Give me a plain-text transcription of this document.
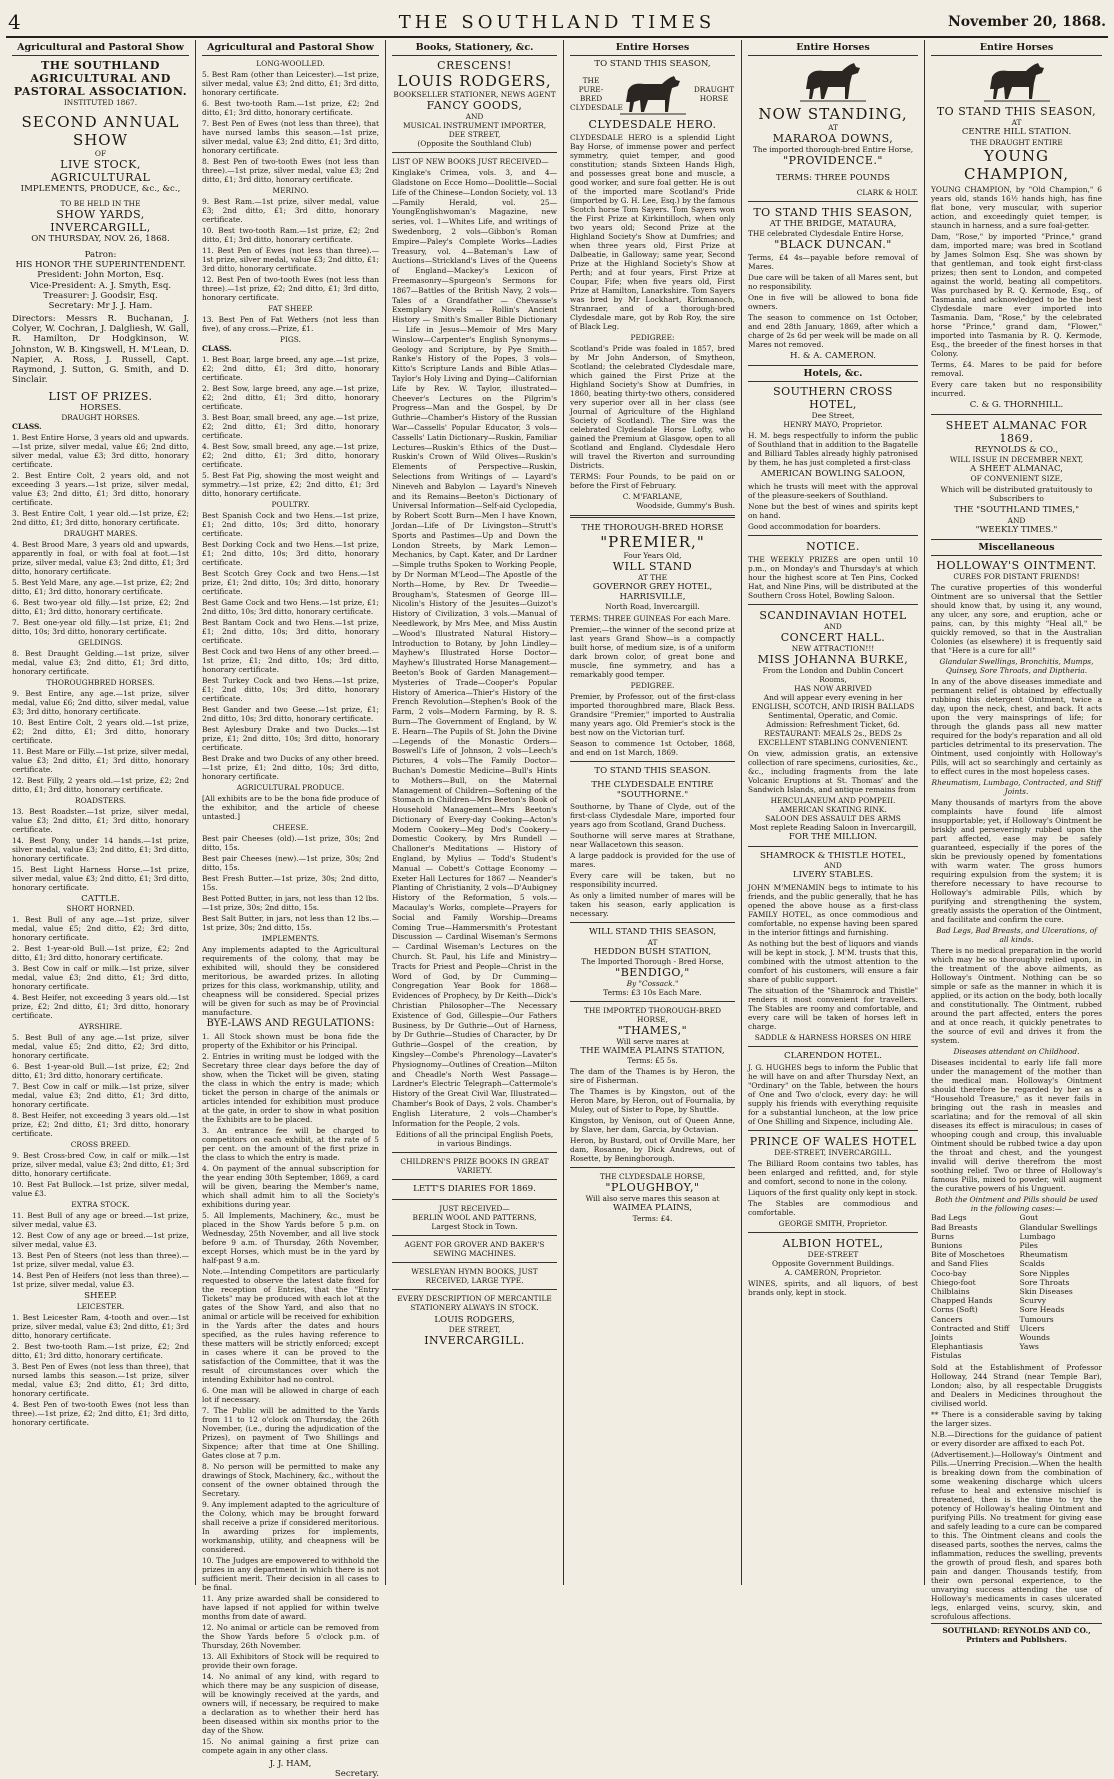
4	THE SOUTHLAND TIMES	November 20, 1868.
Agricultural and Pastoral Show
THE SOUTHLAND AGRICULTURAL AND PASTORAL ASSOCIATION.
INSTITUTED 1867.
SECOND ANNUAL SHOW
OF
LIVE STOCK, AGRICULTURAL
IMPLEMENTS, PRODUCE, &c., &c.,
TO BE HELD IN THE
SHOW YARDS, INVERCARGILL,
ON THURSDAY, NOV. 26, 1868.
Patron:
HIS HONOR THE SUPERINTENDENT.
President: John Morton, Esq.
Vice-President: A. J. Smyth, Esq.
Treasurer: J. Goodsir, Esq.
Secretary: Mr J. J. Ham.

Directors: Messrs R. Buchanan, J. Colyer, W. Cochran, J. Dalgliesh, W. Gall, R. Hamilton, Dr Hodgkinson, W. Johnston, W. B. Kingswell, H. M'Lean, D. Napier, A. Ross, J. Russell, Capt. Raymond, J. Sutton, G. Smith, and D. Sinclair.

LIST OF PRIZES.
HORSES.
DRAUGHT HORSES.
CLASS.

1. Best Entire Horse, 3 years old and upwards.—1st prize, silver medal, value £6; 2nd ditto, silver medal, value £3; 3rd ditto, honorary certificate.

2. Best Entire Colt, 2 years old, and not exceeding 3 years.—1st prize, silver medal, value £3; 2nd ditto, £1; 3rd ditto, honorary certificate.

3. Best Entire Colt, 1 year old.—1st prize, £2; 2nd ditto, £1; 3rd ditto, honorary certificate.

DRAUGHT MARES.

4. Best Brood Mare, 3 years old and upwards, apparently in foal, or with foal at foot.—1st prize, silver medal, value £3; 2nd ditto, £1; 3rd ditto, honorary certificate.

5. Best Yeld Mare, any age.—1st prize, £2; 2nd ditto, £1; 3rd ditto, honorary certificate.

6. Best two-year old filly.—1st prize, £2; 2nd ditto, £1; 3rd ditto, honorary certificate.

7. Best one-year old filly.—1st prize, £1; 2nd ditto, 10s; 3rd ditto, honorary certificate.

GELDINGS.

8. Best Draught Gelding.—1st prize, silver medal, value £3; 2nd ditto, £1; 3rd ditto, honorary certificate.

THOROUGHBRED HORSES.

9. Best Entire, any age.—1st prize, silver medal, value £6; 2nd ditto, silver medal, value £3; 3rd ditto, honorary certificate.

10. Best Entire Colt, 2 years old.—1st prize, £2; 2nd ditto, £1; 3rd ditto, honorary certificate.

11. Best Mare or Filly.—1st prize, silver medal, value £3; 2nd ditto, £1; 3rd ditto, honorary certificate.

12. Best Filly, 2 years old.—1st prize, £2; 2nd ditto, £1; 3rd ditto, honorary certificate.

ROADSTERS.

13. Best Roadster.—1st prize, silver medal, value £3; 2nd ditto, £1; 3rd ditto, honorary certificate.

14. Best Pony, under 14 hands.—1st prize, silver medal, value £3; 2nd ditto, £1; 3rd ditto, honorary certificate.

15. Best Light Harness Horse.—1st prize, silver medal, value £3; 2nd ditto, £1; 3rd ditto, honorary certificate.

CATTLE.
SHORT HORNED.

1. Best Bull of any age.—1st prize, silver medal, value £5; 2nd ditto, £2; 3rd ditto, honorary certificate.

2. Best 1-year-old Bull.—1st prize, £2; 2nd ditto, £1; 3rd ditto, honorary certificate.

3. Best Cow in calf or milk.—1st prize, silver medal, value £3; 2nd ditto, £1; 3rd ditto, honorary certificate.

4. Best Heifer, not exceeding 3 years old.—1st prize, £2; 2nd ditto, £1; 3rd ditto, honorary certificate.

AYRSHIRE.

5. Best Bull of any age.—1st prize, silver medal, value £5; 2nd ditto, £2; 3rd ditto, honorary certificate.

6. Best 1-year-old Bull.—1st prize, £2; 2nd ditto, £1; 3rd ditto, honorary certificate.

7. Best Cow in calf or milk.—1st prize, silver medal, value £3; 2nd ditto, £1; 3rd ditto, honorary certificate.

8. Best Heifer, not exceeding 3 years old.—1st prize, £2; 2nd ditto, £1; 3rd ditto, honorary certificate.

CROSS BREED.

9. Best Cross-bred Cow, in calf or milk.—1st prize, silver medal, value £3; 2nd ditto, £1; 3rd ditto, honorary certificate.

10. Best Fat Bullock.—1st prize, silver medal, value £3.

EXTRA STOCK.

11. Best Bull of any age or breed.—1st prize, silver medal, value £3.

12. Best Cow of any age or breed.—1st prize, silver medal, value £3.

13. Best Pen of Steers (not less than three).—1st prize, silver medal, value £3.

14. Best Pen of Heifers (not less than three).—1st prize, silver medal, value £3.

SHEEP.
LEICESTER.

1. Best Leicester Ram, 4-tooth and over.—1st prize, silver medal, value £3; 2nd ditto, £1; 3rd ditto, honorary certificate.

2. Best two-tooth Ram.—1st prize, £2; 2nd ditto, £1; 3rd ditto, honorary certificate.

3. Best Pen of Ewes (not less than three), that nursed lambs this season.—1st prize, silver medal, value £3; 2nd ditto, £1; 3rd ditto, honorary certificate.

4. Best Pen of two-tooth Ewes (not less than three).—1st prize, £2; 2nd ditto, £1; 3rd ditto, honorary certificate.

Agricultural and Pastoral Show
LONG-WOOLLED.

5. Best Ram (other than Leicester).—1st prize, silver medal, value £3; 2nd ditto, £1; 3rd ditto, honorary certificate.

6. Best two-tooth Ram.—1st prize, £2; 2nd ditto, £1; 3rd ditto, honorary certificate.

7. Best Pen of Ewes (not less than three), that have nursed lambs this season.—1st prize, silver medal, value £3; 2nd ditto, £1; 3rd ditto, honorary certificate.

8. Best Pen of two-tooth Ewes (not less than three).—1st prize, silver medal, value £3; 2nd ditto, £1; 3rd ditto, honorary certificate.

MERINO.

9. Best Ram.—1st prize, silver medal, value £3; 2nd ditto, £1; 3rd ditto, honorary certificate.

10. Best two-tooth Ram.—1st prize, £2; 2nd ditto, £1; 3rd ditto, honorary certificate.

11. Best Pen of Ewes (not less than three).—1st prize, silver medal, value £3; 2nd ditto, £1; 3rd ditto, honorary certificate.

12. Best Pen of two-tooth Ewes (not less than three).—1st prize, £2; 2nd ditto, £1; 3rd ditto, honorary certificate.

FAT SHEEP.

13. Best Pen of Fat Wethers (not less than five), of any cross.—Prize, £1.

PIGS.
CLASS.

1. Best Boar, large breed, any age.—1st prize, £2; 2nd ditto, £1; 3rd ditto, honorary certificate.

2. Best Sow, large breed, any age.—1st prize, £2; 2nd ditto, £1; 3rd ditto, honorary certificate.

3. Best Boar, small breed, any age.—1st prize, £2; 2nd ditto, £1; 3rd ditto, honorary certificate.

4. Best Sow, small breed, any age.—1st prize, £2; 2nd ditto, £1; 3rd ditto, honorary certificate.

5. Best Fat Pig, showing the most weight and symmetry.—1st prize, £2; 2nd ditto, £1; 3rd ditto, honorary certificate.

POULTRY.

Best Spanish Cock and two Hens.—1st prize, £1; 2nd ditto, 10s; 3rd ditto, honorary certificate.

Best Dorking Cock and two Hens.—1st prize, £1; 2nd ditto, 10s; 3rd ditto, honorary certificate.

Best Scotch Grey Cock and two Hens.—1st prize, £1; 2nd ditto, 10s; 3rd ditto, honorary certificate.

Best Game Cock and two Hens.—1st prize, £1; 2nd ditto, 10s; 3rd ditto, honorary certificate.

Best Bantam Cock and two Hens.—1st prize, £1; 2nd ditto, 10s; 3rd ditto, honorary certificate.

Best Cock and two Hens of any other breed.—1st prize, £1; 2nd ditto, 10s; 3rd ditto, honorary certificate.

Best Turkey Cock and two Hens.—1st prize, £1; 2nd ditto, 10s; 3rd ditto, honorary certificate.

Best Gander and two Geese.—1st prize, £1; 2nd ditto, 10s; 3rd ditto, honorary certificate.

Best Aylesbury Drake and two Ducks.—1st prize, £1; 2nd ditto, 10s; 3rd ditto, honorary certificate.

Best Drake and two Ducks of any other breed.—1st prize, £1; 2nd ditto, 10s; 3rd ditto, honorary certificate.

AGRICULTURAL PRODUCE.

[All exhibits are to be the bona fide produce of the exhibitor, and the article of cheese untasted.]

CHEESE.

Best pair Cheeses (old).—1st prize, 30s; 2nd ditto, 15s.

Best pair Cheeses (new).—1st prize, 30s; 2nd ditto, 15s.

Best Fresh Butter.—1st prize, 30s; 2nd ditto, 15s.

Best Potted Butter, in jars, not less than 12 lbs.—1st prize, 30s; 2nd ditto, 15s.

Best Salt Butter, in jars, not less than 12 lbs.—1st prize, 30s; 2nd ditto, 15s.

IMPLEMENTS.

Any implements adapted to the Agricultural requirements of the colony, that may be exhibited will, should they be considered meritorious, be awarded prizes. In alloting prizes for this class, workmanship, utility, and cheapness will be considered. Special prizes will be given for such as may be of Provincial manufacture.

BYE-LAWS AND REGULATIONS:

1. All Stock shown must be bona fide the property of the Exhibitor or his Principal.

2. Entries in writing must be lodged with the Secretary three clear days before the day of show, when the Ticket will be given, stating the class in which the entry is made; which ticket the person in charge of the animals or articles intended for exhibition must produce at the gate, in order to show in what position the Exhibits are to be placed.

3. An entrance fee will be charged to competitors on each exhibit, at the rate of 5 per cent. on the amount of the first prize in the class to which the entry is made.

4. On payment of the annual subscription for the year ending 30th September, 1869, a card will be given, bearing the Member's name, which shall admit him to all the Society's exhibitions during year.

5. All Implements, Machinery, &c., must be placed in the Show Yards before 5 p.m. on Wednesday, 25th November, and all live stock before 9 a.m. of Thursday, 26th November, except Horses, which must be in the yard by half-past 9 a.m.

Note.—Intending Competitors are particularly requested to observe the latest date fixed for the reception of Entries, that the "Entry Tickets" may be produced with each lot at the gates of the Show Yard, and also that no animal or article will be received for exhibition in the Yards after the dates and hours specified, as the rules having reference to these matters will be strictly enforced; except in cases where it can be proved to the satisfaction of the Committee, that it was the result of circumstances over which the intending Exhibitor had no control.

6. One man will be allowed in charge of each lot if necessary.

7. The Public will be admitted to the Yards from 11 to 12 o'clock on Thursday, the 26th November, (i.e., during the adjudication of the Prizes), on payment of Two Shillings and Sixpence; after that time at One Shilling. Gates close at 7 p.m.

8. No person will be permitted to make any drawings of Stock, Machinery, &c., without the consent of the owner obtained through the Secretary.

9. Any implement adapted to the agriculture of the Colony, which may be brought forward shall receive a prize if considered meritorious. In awarding prizes for implements, workmanship, utility, and cheapness will be considered.

10. The Judges are empowered to withhold the prizes in any department in which there is not sufficient merit. Their decision in all cases to be final.

11. Any prize awarded shall be considered to have lapsed if not applied for within twelve months from date of award.

12. No animal or article can be removed from the Show Yards before 5 o'clock p.m. of Thursday, 26th November.

13. All Exhibitors of Stock will be required to provide their own forage.

14. No animal of any kind, with regard to which there may be any suspicion of disease, will be knowingly received at the yards, and owners will, if necessary, be required to make a declaration as to whether their herd has been diseased within six months prior to the day of the Show.

15. No animal gaining a first prize can compete again in any other class.

J. J. HAM,
Secretary.
Books, Stationery, &c.
CRESCENS!
LOUIS RODGERS,
BOOKSELLER STATIONER, NEWS AGENT
FANCY GOODS,
AND
MUSICAL INSTRUMENT IMPORTER,
DEE STREET,
(Opposite the Southland Club)
LIST OF NEW BOOKS JUST RECEIVED—

Kinglake's Crimea, vols. 3, and 4—Gladstone on Ecce Homo—Doolittle—Social Life of the Chinese—London Society, vol. 13—Family Herald, vol. 25—YoungEnglishwoman's Magazine, new series, vol. 1—Whites Life, and writings of Swedenborg, 2 vols—Gibbon's Roman Empire—Paley's Complete Works—Ladies Treasury, vol. 4—Bateman's Law of Auctions—Strickland's Lives of the Queens of England—Mackey's Lexicon of Freemasonry—Spurgeon's Sermons for 1867—Battles of the British Navy, 2 vols—Tales of a Grandfather — Chevasse's Exemplary Novels — Rollin's Ancient History — Smith's Smaller Bible Dictionary — Life in Jesus—Memoir of Mrs Mary Winslow—Carpenter's English Synonyms—Geology and Scripture, by Pye Smith—Ranke's History of the Popes, 3 vols—Kitto's Scripture Lands and Bible Atlas—Taylor's Holy Living and Dying—Californian Life by Rev. W. Taylor, illustrated—Cheever's Lectures on the Pilgrim's Progress—Man and the Gospel, by Dr Guthrie—Chamber's History of the Russian War—Cassells' Popular Educator, 3 vols—Cassells' Latin Dictionary—Ruskin, Familiar Lectures—Ruskin's Ethics of the Dust—Ruskin's Crown of Wild Olives—Ruskin's Elements of Perspective—Ruskin, Selections from Writings of — Layard's Nineveh and Babylon — Layard's Nineveh and its Remains—Beeton's Dictionary of Universal Information—Self-aid Cyclopedia, by Robert Scott Burn—Men I have Known, Jordan—Life of Dr Livingston—Strutt's Sports and Pastimes—Up and Down the London Streets, by Mark Lemon—Mechanics, by Capt. Kater, and Dr Lardner—Simple truths Spoken to Working People, by Dr Norman M'Leod—The Apostle of the North—Home, by Rev. Dr Tweedie—Brougham's, Statesmen of George III—Nicolin's History of the Jesuites—Guizot's History of Civilization, 3 vols.—Manual of Needlework, by Mrs Mee, and Miss Austin—Wood's Illustrated Natural History—Introduction to Botany, by John Lindley—Mayhew's Illustrated Horse Doctor—Mayhew's Illustrated Horse Management—Beeton's Book of Garden Management—Mysteries of Trade—Cooper's Popular History of America—Thier's History of the French Revolution—Stephen's Book of the Farm, 2 vols—Modern Farming, by R. S. Burn—The Government of England, by W. E. Hearn—The Pupils of St. John the Divine—Legends of the Monastic Orders—Boswell's Life of Johnson, 2 vols—Leech's Pictures, 4 vols—The Family Doctor—Buchan's Domestic Medicine—Bull's Hints to Mothers—Bull, on the Maternal Management of Children—Softening of the Stomach in Children—Mrs Beeton's Book of Household Management—Mrs Beeton's Dictionary of Every-day Cooking—Acton's Modern Cookery—Meg Dod's Cookery—Domestic Cookery, by Mrs Rundell — Challoner's Meditations — History of England, by Mylius — Todd's Student's Manual — Cobett's Cottage Economy — Exeter Hall Lectures for 1867 — Neander's Planting of Christianity, 2 vols—D'Aubigney History of the Reformation, 5 vols.—Macaulay's Works, complete—Prayers for Social and Family Worship—Dreams Coming True—Hammersmith's Protestant Discussion — Cardinal Wiseman's Sermons — Cardinal Wiseman's Lectures on the Church. St. Paul, his Life and Ministry—Tracts for Priest and People—Christ in the Word of God, by Dr Cumming—Congregation Year Book for 1868—Evidences of Prophecy, by Dr Keith—Dick's Christian Philosopher—The Necessary Existence of God, Gillespie—Our Fathers Business, by Dr Guthrie—Out of Harness, by Dr Guthrie—Studies of Character, by Dr Guthrie—Gospel of the creation, by Kingsley—Combe's Phrenology—Lavater's Physiognomy—Outlines of Creation—Milton and Cheadle's North West Passage—Lardner's Electric Telegraph—Cattermole's History of the Great Civil War, Illustrated—Chamber's Book of Days, 2 vols. Chamber's English Literature, 2 vols—Chamber's Information for the People, 2 vols.

Editions of all the principal English Poets, in various Bindings.

CHILDREN'S PRIZE BOOKS IN GREAT VARIETY.
LETT'S DIARIES FOR 1869.
JUST RECEIVED—
BERLIN WOOL AND PATTERNS,
Largest Stock in Town.
AGENT FOR GROVER AND BAKER'S SEWING MACHINES.
WESLEYAN HYMN BOOKS, JUST RECEIVED, LARGE TYPE.
EVERY DESCRIPTION OF MERCANTILE STATIONERY ALWAYS IN STOCK.
LOUIS RODGERS,
DEE STREET,
INVERCARGILL.
Entire Horses
TO STAND THIS SEASON,
THE PURE-BRED CLYDESDALE
DRAUGHT HORSE
CLYDESDALE HERO.

CLYDESDALE HERO is a splendid Light Bay Horse, of immense power and perfect symmetry, quiet temper, and good constitution; stands Sixteen Hands High, and possesses great bone and muscle, a good worker, and sure foal getter. He is out of the imported mare Scotland's Pride (imported by G. H. Lee, Esq.) by the famous Scotch horse Tom Sayers. Tom Sayers won the First Prize at Kirkintilloch, when only two years old; Second Prize at the Highland Society's Show at Dumfries; and when three years old, First Prize at Dalbeatie, in Galloway; same year, Second Prize at the Highland Society's Show at Perth; and at four years, First Prize at Coupar, Fife; when five years old, First Prize at Hamilton, Lanarkshire. Tom Sayers was bred by Mr Lockhart, Kirkmanoch, Stranraer, and of a thorough-bred Clydesdale mare, got by Rob Roy, the sire of Black Leg.

PEDIGREE:

Scotland's Pride was foaled in 1857, bred by Mr John Anderson, of Smytheon, Scotland; the celebrated Clydesdale mare, which gained the First Prize at the Highland Society's Show at Dumfries, in 1860, beating thirty-two others, considered very superior over all in her class (see Journal of Agriculture of the Highland Society of Scotland). The Sire was the celebrated Clydesdale Horse Lofty, who gained the Premium at Glasgow, open to all Scotland and England. Clydesdale Hero will travel the Riverton and surrounding Districts.

TERMS: Four Pounds, to be paid on or before the First of February.

C. M'FARLANE,
Woodside, Gummy's Bush.
THE THOROUGH-BRED HORSE
"PREMIER,"
Four Years Old,
WILL STAND
AT THE
GOVERNOR GREY HOTEL,
HARRISVILLE,
North Road, Invercargill.
TERMS: THREE GUINEAS For each Mare.

Premier,—the winner of the second prize at last years Grand Show—is a compactly built horse, of medium size, is of a uniform dark brown color, of great bone and muscle, fine symmetry, and has a remarkably good temper.

PEDIGREE.

Premier, by Professor, out of the first-class imported thoroughbred mare, Black Bess. Grandsire "Premier," imported to Australia many years ago. Old Premier's stock is the best now on the Victorian turf.

Season to commence 1st October, 1868, and end on 1st March, 1869.

TO STAND THIS SEASON.
THE CLYDESDALE ENTIRE
"SOUTHORNE."

Southorne, by Thane of Clyde, out of the first-class Clydesdale Mare, imported four years ago from Scotland, Grand Duchess.

Southorne will serve mares at Strathane, near Wallacetown this season.

A large paddock is provided for the use of mares.

Every care will be taken, but no responsibility incurred.

As only a limited number of mares will be taken his season, early application is necessary.

WILL STAND THIS SEASON,
AT
HEDDON BUSH STATION,
The Imported Thorough - Bred Horse,
"BENDIGO,"
By "Cossack."
Terms: £3 10s Each Mare.
THE IMPORTED THOROUGH-BRED HORSE,
"THAMES,"
Will serve mares at
THE WAIMEA PLAINS STATION,
Terms: £5 5s.

The dam of the Thames is by Heron, the sire of Fisherman.

The Thames is by Kingston, out of the Heron Mare, by Heron, out of Fournalia, by Muley, out of Sister to Pope, by Shuttle.

Kingston, by Venison, out of Queen Anne, by Slave, her dam, Garcia, by Octavian.

Heron, by Bustard, out of Orville Mare, her dam, Rosanne, by Dick Andrews, out of Rosette, by Beningborough.

THE CLYDESDALE HORSE,
"PLOUGHBOY,"
Will also serve mares this season at
WAIMEA PLAINS,
Terms: £4.
Entire Horses
NOW STANDING,
AT
MARAROA DOWNS,
The imported thorough-bred Entire Horse,
"PROVIDENCE."
TERMS: THREE POUNDS
CLARK & HOLT.
TO STAND THIS SEASON,
AT THE BRIDGE, MATAURA,
THE celebrated Clydesdale Entire Horse,
"BLACK DUNCAN."

Terms, £4 4s—payable before removal of Mares.

Due care will be taken of all Mares sent, but no responsibility.

One in five will be allowed to bona fide owners.

The season to commence on 1st October, and end 28th January, 1869, after which a charge of 2s 6d per week will be made on all Mares not removed.

H. & A. CAMERON.
Hotels, &c.
SOUTHERN CROSS HOTEL,
Dee Street,
HENRY MAYO, Proprietor.

H. M. begs respectfully to inform the public of Southland that in addition to the Bagatelle and Billiard Tables already highly patronised by them, he has just completed a first-class

AMERICAN BOWLING SALOON,

which he trusts will meet with the approval of the pleasure-seekers of Southland.

None but the best of wines and spirits kept on hand.

Good accommodation for boarders.

NOTICE.

THE WEEKLY PRIZES are open until 10 p.m., on Monday's and Thursday's at which hour the highest score at Ten Pins, Cocked Hat, and Nine Pins, will be distributed at the Southern Cross Hotel, Bowling Saloon.

SCANDINAVIAN HOTEL
AND
CONCERT HALL.
NEW ATTRACTION!!!
MISS JOHANNA BURKE,
From the London and Dublin Concert Rooms,
HAS NOW ARRIVED
And will appear every evening in her
ENGLISH, SCOTCH, AND IRISH BALLADS
Sentimental, Operatic, and Comic.
Admission: Refreshment Ticket, 6d.
RESTAURANT: MEALS 2s., BEDS 2s
EXCELLENT STABLING CONVENIENT.

On view, admission gratis, an extensive collection of rare specimens, curiosities, &c., &c., including fragments from the late Volcanic Eruptions at St. Thomas' and the Sandwich Islands, and antique remains from

HERCULANEUM AND POMPEII.
AMERICAN SKATING RINK.
SALOON DES ASSAULT DES ARMS
Most replete Reading Saloon in Invercargill,
FOR THE MILLION.
SHAMROCK & THISTLE HOTEL,
AND
LIVERY STABLES.

JOHN M'MENAMIN begs to intimate to his friends, and the public generally, that he has opened the above house as a first-class FAMILY HOTEL, as once commodious and comfortable, no expense having been spared in the interior fittings and furnishing.

As nothing but the best of liquors and viands will be kept in stock, J. M'M. trusts that this, combined with the utmost attention to the comfort of his customers, will ensure a fair share of public support.

The situation of the "Shamrock and Thistle" renders it most convenient for travellers. The Stables are roomy and comfortable, and every care will be taken of horses left in charge.

SADDLE & HARNESS HORSES ON HIRE
CLARENDON HOTEL.

J. G. HUGHES begs to inform the Public that he will have on and after Thursday Next, an "Ordinary" on the Table, between the hours of One and Two o'clock, every day: he will supply his friends with everything requisite for a substantial luncheon, at the low price of One Shilling and Sixpence, including Ale.

PRINCE OF WALES HOTEL
DEE-STREET, INVERCARGILL.

The Billiard Room contains two tables, has been enlarged and refitted, and, for style and comfort, second to none in the colony.

Liquors of the first quality only kept in stock.

The Stables are commodious and comfortable.

GEORGE SMITH, Proprietor.
ALBION HOTEL,
DEE-STREET
Opposite Government Buildings.
A. CAMERON, Proprietor.

WINES, spirits, and all liquors, of best brands only, kept in stock.

Entire Horses
TO STAND THIS SEASON,
AT
CENTRE HILL STATION.
THE DRAUGHT ENTIRE
YOUNG CHAMPION,

YOUNG CHAMPION, by "Old Champion," 6 years old, stands 16½ hands high, has fine flat bone, very muscular, with superior action, and exceedingly quiet temper, is staunch in harness, and a sure foal-getter.

Dam, "Rose," by imported "Prince," grand dam, imported mare; was bred in Scotland by James Solmon Esq. She was shown by that gentleman, and took eight first-class prizes; then sent to London, and competed against the world, beating all competitors. Was purchased by R. Q. Kermode, Esq., of Tasmania, and acknowledged to be the best Clydesdale mare ever imported into Tasmania. Dam, "Rose," by the celebrated horse "Prince," grand dam, "Flower," imported into Tasmania by R. Q. Kermode, Esq., the breeder of the finest horses in that Colony.

Terms, £4. Mares to be paid for before removal.

Every care taken but no responsibility incurred.

C. & G. THORNHILL.
SHEET ALMANAC FOR 1869.
REYNOLDS & CO.,
WILL ISSUE IN DECEMBER NEXT,
A SHEET ALMANAC,
OF CONVENIENT SIZE,

Which will be distributed gratuitously to Subscribers to

THE "SOUTHLAND TIMES,"
AND
"WEEKLY TIMES."
Miscellaneous
HOLLOWAY'S OINTMENT.
CURES FOR DISTANT FRIENDS!

The curative properties of this wonderful Ointment are so universal that the Settler should know that, by using it, any wound, any ulcer, any sore, and eruption, ache or pains, can, by this mighty "Heal all," be quickly removed, so that in the Australian Colonies (as elsewhere) it is frequently said that "Here is a cure for all!"

Glandular Swellings, Bronchitis, Mumps, Quinsey, Sore Throats, and Diptheria.

In any of the above diseases immediate and permanent relief is obtained by effectually rubbing this detergent Ointment, twice a day, upon the neck, chest, and back. It acts upon the very mainsprings of life; for through the glands pass all new matter required for the body's reparation and all old particles detrimental to its preservation. The Ointment, used conjointly with Holloway's Pills, will act so searchingly and certainly as to effect cures in the most hopeless cases.

Rheumatism, Lumbago, Contracted, and Stiff Joints.

Many thousands of martyrs from the above complaints have found life almost insupportable; yet, if Holloway's Ointment be briskly and perseveringly rubbed upon the part affected, ease may be safely guaranteed, especially if the pores of the skin be previously opened by fomentations with warm water. The gross humors requiring expulsion from the system; it is therefore necessary to have recourse to Holloway's admirable Pills, which by purifying and strengthening the system, greatly assists the operation of the Ointment, and facilitate and confirm the cure.

Bad Legs, Bad Breasts, and Ulcerations, of all kinds.

There is no medical preparation in the world which may be so thoroughly relied upon, in the treatment of the above ailments, as Holloway's Ointment. Nothing can be so simple or safe as the manner in which it is applied, or its action on the body, both locally and constitutionally. The Ointment, rubbed around the part affected, enters the pores and at once reach, it quickly penetrates to the source of evil and drives it from the system.

Diseases attendant on Childhood.

Diseases incidental to early life fall more under the management of the mother than the medical man. Holloway's Ointment should therefore be regarded by her as a "Household Treasure," as it never fails in bringing out the rash in measles and scarlatina; and for the removal of all skin diseases its effect is miraculous; in cases of whooping cough and croup, this invaluable Ointment should be rubbed twice a day upon the throat and chest, and the youngest invalid will derive therefrom the most soothing relief. Two or three of Holloway's famous Pills, mixed to powder, will augment the curative powers of his Unguent.

Both the Ointment and Pills should be used in the following cases:—
Bad Legs
Bad Breasts
Burns
Bunions
Bite of Moschetoes and Sand Flies
Coco-bay
Chiego-foot
Chilblains
Chapped Hands
Corns (Soft)
Cancers
Contracted and Stiff Joints
Elephantiasis
Fistulas
Gout
Glandular Swellings
Lumbago
Piles
Rheumatism
Scalds
Sore Nipples
Sore Throats
Skin Diseases
Scurvy
Sore Heads
Tumours
Ulcers
Wounds
Yaws

Sold at the Establishment of Professor Holloway, 244 Strand (near Temple Bar), London; also, by all respectable Druggists and Dealers in Medicines throughout the civilised world.

** There is a considerable saving by taking the larger sizes.

N.B.—Directions for the guidance of patient or every disorder are affixed to each Pot.

(Advertisement.)—Holloway's Ointment and Pills.—Unerring Precision.—When the health is breaking down from the combination of some weakening discharge which ulcers refuse to heal and extensive mischief is threatened, then is the time to try the potency of Holloway's healing Ointment and purifying Pills. No treatment for giving ease and safely leading to a cure can be compared to this. The Ointment cleans and cools the diseased parts, soothes the nerves, calms the inflammation, reduces the swelling, prevents the growth of proud flesh, and spares both pain and danger. Thousands testify, from their own personal experience, to the unvarying success attending the use of Holloway's medicaments in cases ulcerated legs, enlarged veins, scurvy, skin, and scrofulous affections.

SOUTHLAND: REYNOLDS AND CO., Printers and Publishers.
